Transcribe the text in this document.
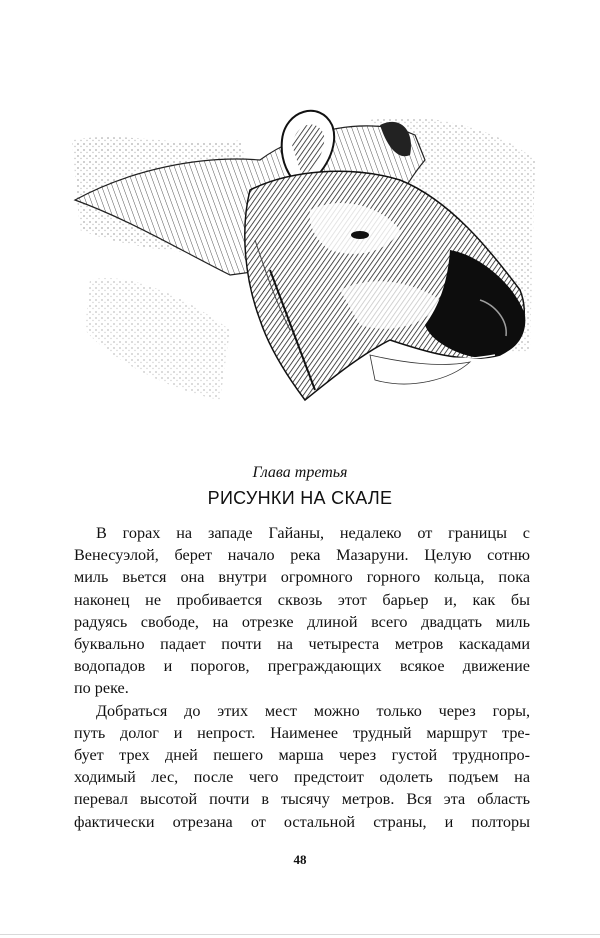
Глава третья
РИСУНКИ НА СКАЛЕ
В горах на западе Гайаны, недалеко от границы с
Венесуэлой, берет начало река Мазаруни. Целую сотню
миль вьется она внутри огромного горного кольца, пока
наконец не пробивается сквозь этот барьер и, как бы
радуясь свободе, на отрезке длиной всего двадцать миль
буквально падает почти на четыреста метров каскадами
водопадов и порогов, преграждающих всякое движение
по реке.
Добраться до этих мест можно только через горы,
путь долог и непрост. Наименее трудный маршрут тре-
бует трех дней пешего марша через густой труднопро-
ходимый лес, после чего предстоит одолеть подъем на
перевал высотой почти в тысячу метров. Вся эта область
фактически отрезана от остальной страны, и полторы
48
